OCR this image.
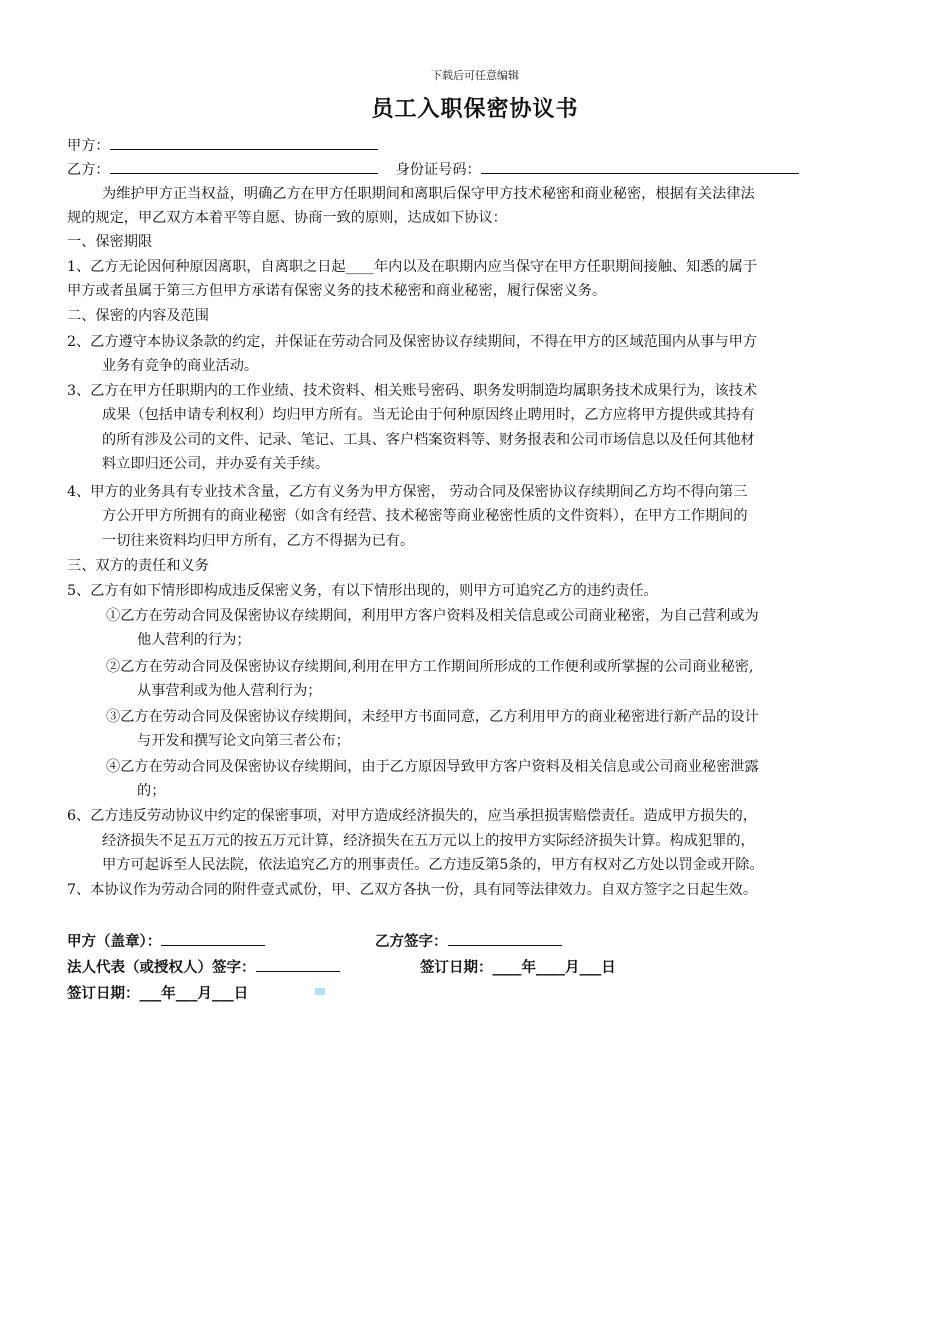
下载后可任意编辑
员工入职保密协议书
甲方：
乙方：	身份证号码：
为维护甲方正当权益，明确乙方在甲方任职期间和离职后保守甲方技术秘密和商业秘密，根据有关法律法
规的规定，甲乙双方本着平等自愿、协商一致的原则，达成如下协议：
一、保密期限
1、乙方无论因何种原因离职，自离职之日起____年内以及在职期内应当保守在甲方任职期间接触、知悉的属于
甲方或者虽属于第三方但甲方承诺有保密义务的技术秘密和商业秘密，履行保密义务。
二、保密的内容及范围
2、乙方遵守本协议条款的约定，并保证在劳动合同及保密协议存续期间，不得在甲方的区域范围内从事与甲方
业务有竞争的商业活动。
3、乙方在甲方任职期内的工作业绩、技术资料、相关账号密码、职务发明制造均属职务技术成果行为，该技术
成果（包括申请专利权利）均归甲方所有。当无论由于何种原因终止聘用时，乙方应将甲方提供或其持有
的所有涉及公司的文件、记录、笔记、工具、客户档案资料等、财务报表和公司市场信息以及任何其他材
料立即归还公司，并办妥有关手续。
4、甲方的业务具有专业技术含量，乙方有义务为甲方保密， 劳动合同及保密协议存续期间乙方均不得向第三
方公开甲方所拥有的商业秘密（如含有经营、技术秘密等商业秘密性质的文件资料），在甲方工作期间的
一切往来资料均归甲方所有，乙方不得据为已有。
三、双方的责任和义务
5、乙方有如下情形即构成违反保密义务，有以下情形出现的，则甲方可追究乙方的违约责任。
①乙方在劳动合同及保密协议存续期间，利用甲方客户资料及相关信息或公司商业秘密，为自己营利或为
他人营利的行为；
②乙方在劳动合同及保密协议存续期间,利用在甲方工作期间所形成的工作便利或所掌握的公司商业秘密,
从事营利或为他人营利行为；
③乙方在劳动合同及保密协议存续期间，未经甲方书面同意，乙方利用甲方的商业秘密进行新产品的设计
与开发和撰写论文向第三者公布；
④乙方在劳动合同及保密协议存续期间，由于乙方原因导致甲方客户资料及相关信息或公司商业秘密泄露
的；
6、乙方违反劳动协议中约定的保密事项，对甲方造成经济损失的，应当承担损害赔偿责任。造成甲方损失的，
经济损失不足五万元的按五万元计算，经济损失在五万元以上的按甲方实际经济损失计算。构成犯罪的，
甲方可起诉至人民法院，依法追究乙方的刑事责任。乙方违反第5条的，甲方有权对乙方处以罚金或开除。
7、本协议作为劳动合同的附件壹式贰份，甲、乙双方各执一份，具有同等法律效力。自双方签字之日起生效。
甲方（盖章）：	乙方签字：
法人代表（或授权人）签字：	签订日期：____年____月___日
签订日期：___年___月___日
